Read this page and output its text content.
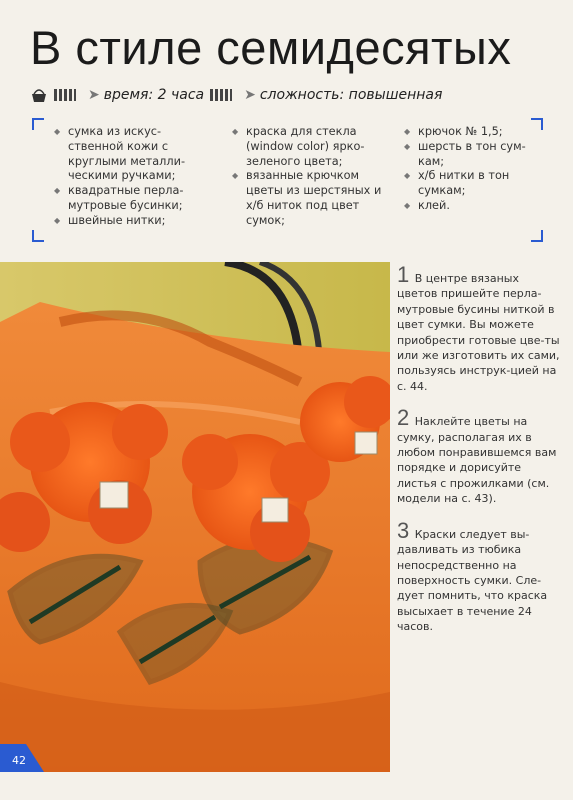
В стиле семидесятых
➤ время: 2 часа	➤ сложность: повышенная
◆ сумка из искус-ственной кожи с круглыми металли-ческими ручками;
◆ квадратные перла-мутровые бусинки;
◆ швейные нитки;
◆ краска для стекла (window color) ярко-зеленого цвета;
◆ вязанные крючком цветы из шерстяных и х/б ниток под цвет сумок;
◆ крючок № 1,5;
◆ шерсть в тон сум-кам;
◆ х/б нитки в тон сумкам;
◆ клей.
1 В центре вязаных цветов пришейте перла-мутровые бусины ниткой в цвет сумки. Вы можете приобрести готовые цве-ты или же изготовить их сами, пользуясь инструк-цией на с. 44.
2 Наклейте цветы на сумку, располагая их в любом понравившемся вам порядке и дорисуйте листья с прожилками (см. модели на с. 43).
3 Краски следует вы-давливать из тюбика непосредственно на поверхность сумки. Сле-дует помнить, что краска высыхает в течение 24 часов.
42
